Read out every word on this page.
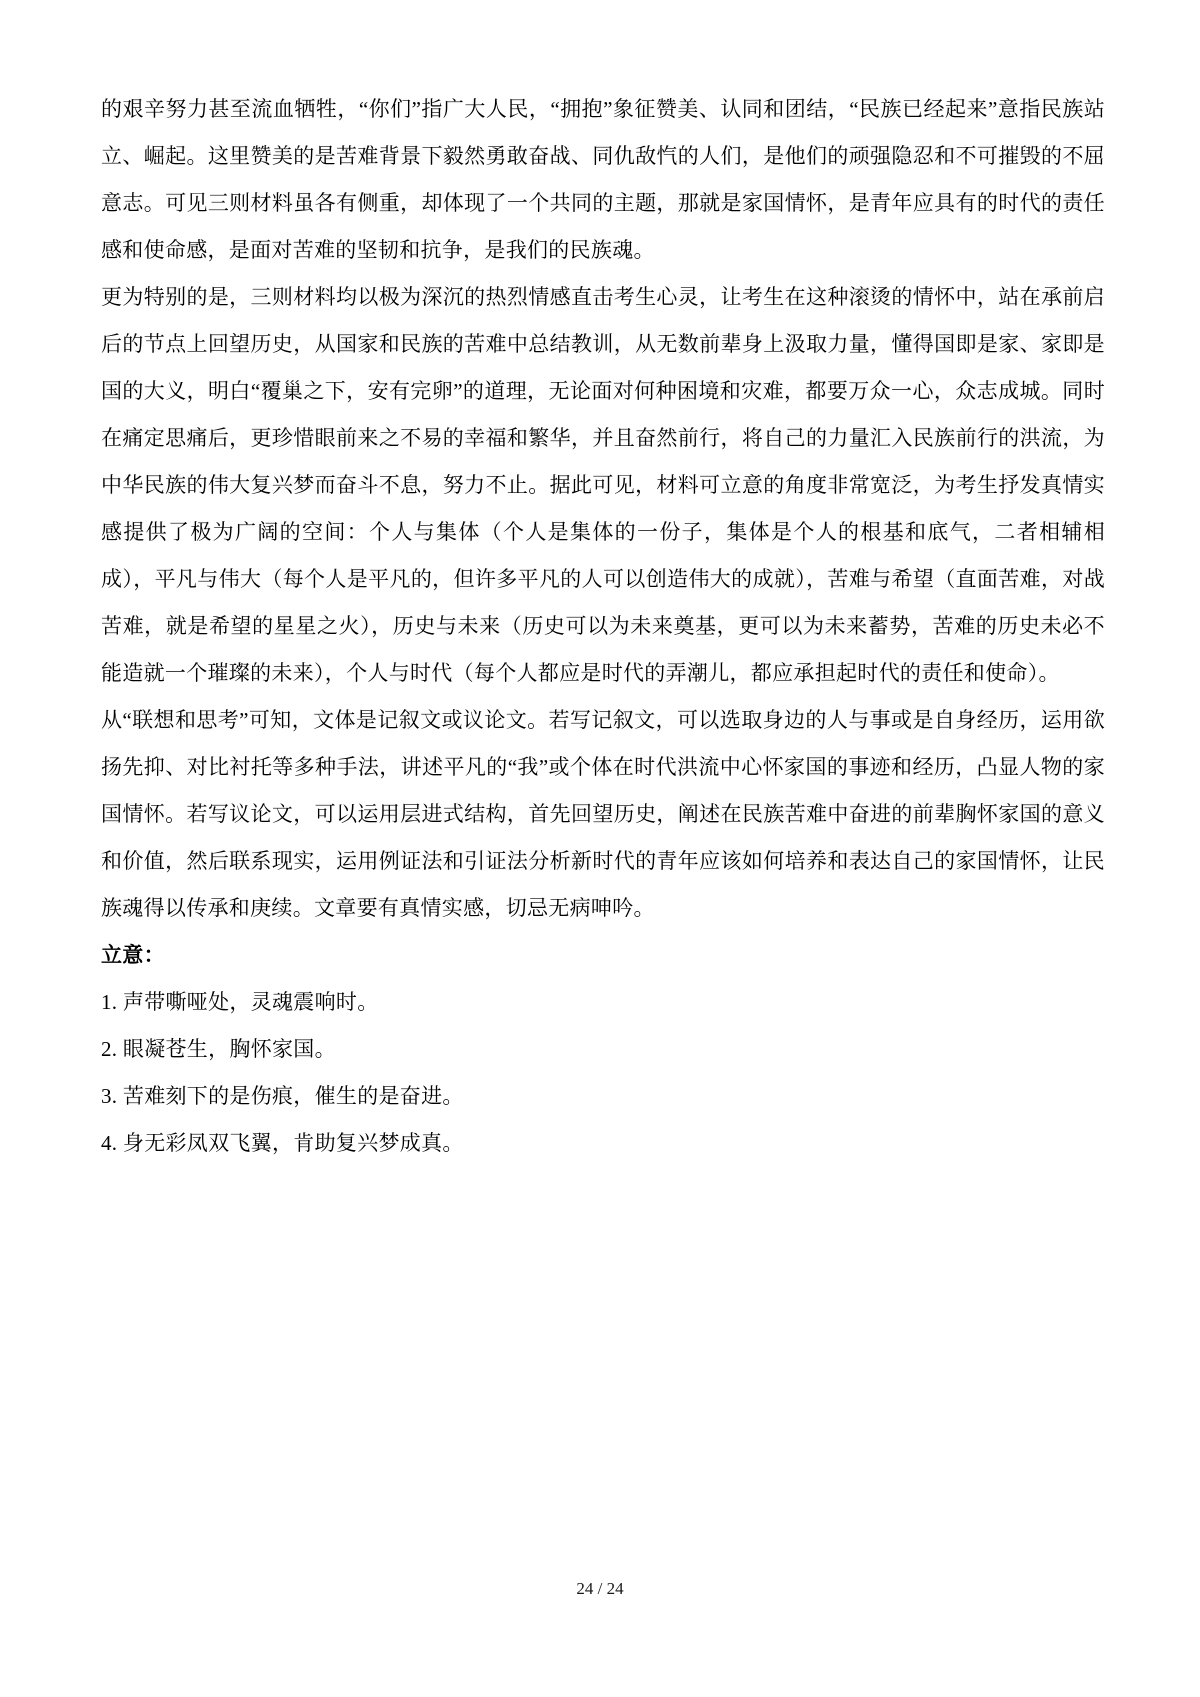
的艰辛努力甚至流血牺牲，“你们”指广大人民，“拥抱”象征赞美、认同和团结，“民族已经起来”意指民族站立、崛起。这里赞美的是苦难背景下毅然勇敢奋战、同仇敌忾的人们，是他们的顽强隐忍和不可摧毁的不屈意志。可见三则材料虽各有侧重，却体现了一个共同的主题，那就是家国情怀，是青年应具有的时代的责任感和使命感，是面对苦难的坚韧和抗争，是我们的民族魂。

更为特别的是，三则材料均以极为深沉的热烈情感直击考生心灵，让考生在这种滚烫的情怀中，站在承前启后的节点上回望历史，从国家和民族的苦难中总结教训，从无数前辈身上汲取力量，懂得国即是家、家即是国的大义，明白“覆巢之下，安有完卵”的道理，无论面对何种困境和灾难，都要万众一心，众志成城。同时在痛定思痛后，更珍惜眼前来之不易的幸福和繁华，并且奋然前行，将自己的力量汇入民族前行的洪流，为中华民族的伟大复兴梦而奋斗不息，努力不止。据此可见，材料可立意的角度非常宽泛，为考生抒发真情实感提供了极为广阔的空间：个人与集体（个人是集体的一份子，集体是个人的根基和底气，二者相辅相成），平凡与伟大（每个人是平凡的，但许多平凡的人可以创造伟大的成就），苦难与希望（直面苦难，对战苦难，就是希望的星星之火），历史与未来（历史可以为未来奠基，更可以为未来蓄势，苦难的历史未必不能造就一个璀璨的未来），个人与时代（每个人都应是时代的弄潮儿，都应承担起时代的责任和使命）。

从“联想和思考”可知，文体是记叙文或议论文。若写记叙文，可以选取身边的人与事或是自身经历，运用欲扬先抑、对比衬托等多种手法，讲述平凡的“我”或个体在时代洪流中心怀家国的事迹和经历，凸显人物的家国情怀。若写议论文，可以运用层进式结构，首先回望历史，阐述在民族苦难中奋进的前辈胸怀家国的意义和价值，然后联系现实，运用例证法和引证法分析新时代的青年应该如何培养和表达自己的家国情怀，让民族魂得以传承和庚续。文章要有真情实感，切忌无病呻吟。

立意：

1. 声带嘶哑处，灵魂震响时。

2. 眼凝苍生，胸怀家国。

3. 苦难刻下的是伤痕，催生的是奋进。

4. 身无彩凤双飞翼，肯助复兴梦成真。

24 / 24
